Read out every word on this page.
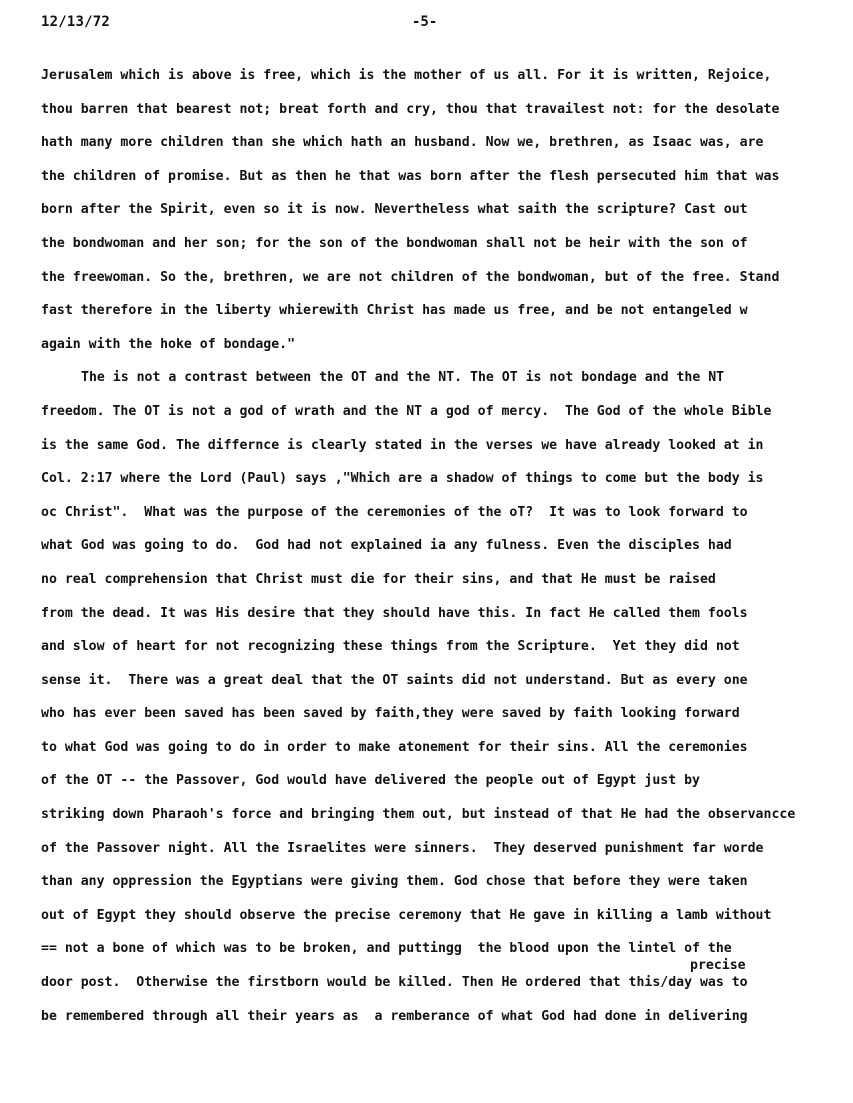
12/13/72	-5-
Jerusalem which is above is free, which is the mother of us all. For it is written, Rejoice,
thou barren that bearest not; breat forth and cry, thou that travailest not: for the desolate
hath many more children than she which hath an husband. Now we, brethren, as Isaac was, are
the children of promise. But as then he that was born after the flesh persecuted him that was
born after the Spirit, even so it is now. Nevertheless what saith the scripture? Cast out
the bondwoman and her son; for the son of the bondwoman shall not be heir with the son of
the freewoman. So the, brethren, we are not children of the bondwoman, but of the free. Stand
fast therefore in the liberty whierewith Christ has made us free, and be not entangeled w
again with the hoke of bondage."
The is not a contrast between the OT and the NT. The OT is not bondage and the NT
freedom. The OT is not a god of wrath and the NT a god of mercy.  The God of the whole Bible
is the same God. The differnce is clearly stated in the verses we have already looked at in
Col. 2:17 where the Lord (Paul) says ,"Which are a shadow of things to come but the body is
oc Christ".  What was the purpose of the ceremonies of the oT?  It was to look forward to
what God was going to do.  God had not explained ia any fulness. Even the disciples had
no real comprehension that Christ must die for their sins, and that He must be raised
from the dead. It was His desire that they should have this. In fact He called them fools
and slow of heart for not recognizing these things from the Scripture.  Yet they did not
sense it.  There was a great deal that the OT saints did not understand. But as every one
who has ever been saved has been saved by faith,they were saved by faith looking forward
to what God was going to do in order to make atonement for their sins. All the ceremonies
of the OT -- the Passover, God would have delivered the people out of Egypt just by
striking down Pharaoh's force and bringing them out, but instead of that He had the observancce
of the Passover night. All the Israelites were sinners.  They deserved punishment far worde
than any oppression the Egyptians were giving them. God chose that before they were taken
out of Egypt they should observe the precise ceremony that He gave in killing a lamb without
== not a bone of which was to be broken, and puttingg  the blood upon the lintel of the
door post.  Otherwise the firstborn would be killed. Then He ordered that this/day was to
be remembered through all their years as  a remberance of what God had done in delivering
precise
